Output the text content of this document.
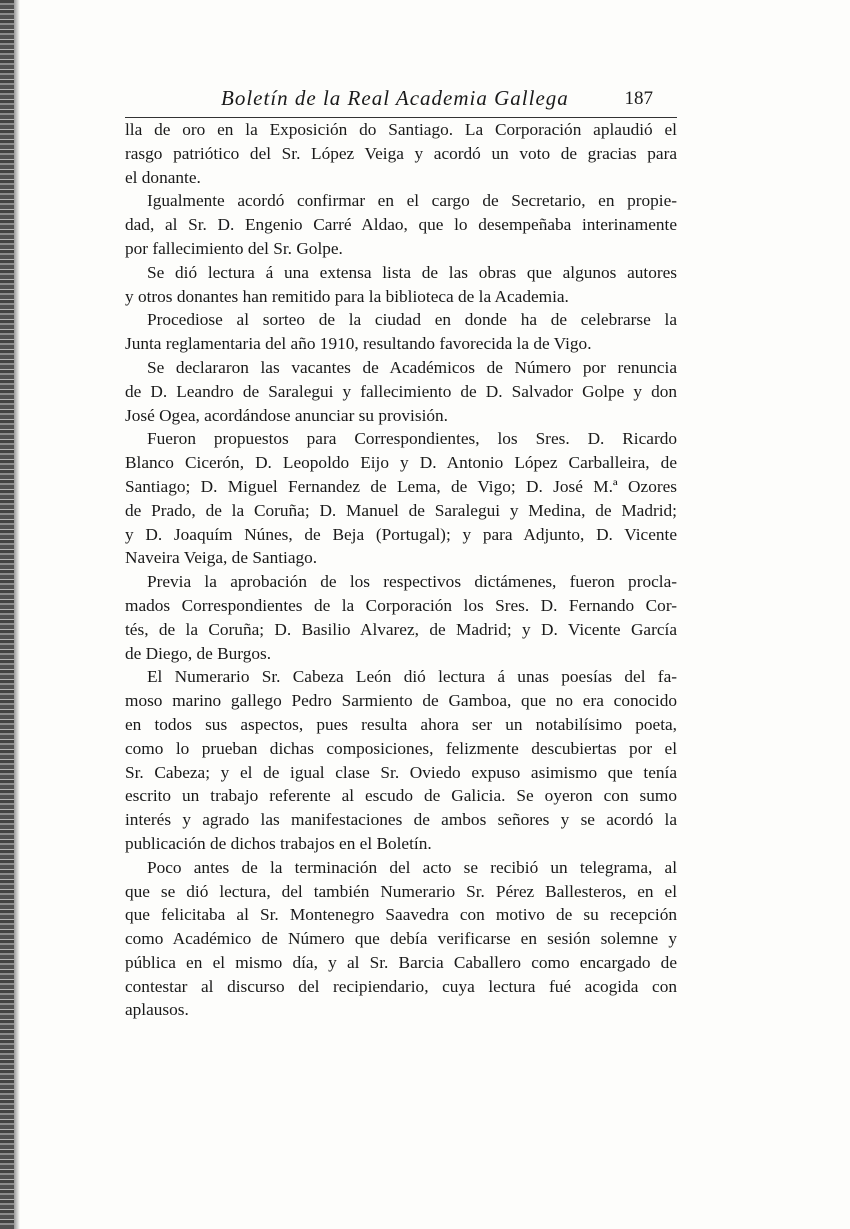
Boletín de la Real Academia Gallega	187
lla de oro en la Exposición do Santiago. La Corporación aplaudió el
rasgo patriótico del Sr. López Veiga y acordó un voto de gracias para
el donante.
Igualmente acordó confirmar en el cargo de Secretario, en propie-
dad, al Sr. D. Engenio Carré Aldao, que lo desempeñaba interinamente
por fallecimiento del Sr. Golpe.
Se dió lectura á una extensa lista de las obras que algunos autores
y otros donantes han remitido para la biblioteca de la Academia.
Procediose al sorteo de la ciudad en donde ha de celebrarse la
Junta reglamentaria del año 1910, resultando favorecida la de Vigo.
Se declararon las vacantes de Académicos de Número por renuncia
de D. Leandro de Saralegui y fallecimiento de D. Salvador Golpe y don
José Ogea, acordándose anunciar su provisión.
Fueron propuestos para Correspondientes, los Sres. D. Ricardo
Blanco Cicerón, D. Leopoldo Eijo y D. Antonio López Carballeira, de
Santiago; D. Miguel Fernandez de Lema, de Vigo; D. José M.ª Ozores
de Prado, de la Coruña; D. Manuel de Saralegui y Medina, de Madrid;
y D. Joaquím Núnes, de Beja (Portugal); y para Adjunto, D. Vicente
Naveira Veiga, de Santiago.
Previa la aprobación de los respectivos dictámenes, fueron procla-
mados Correspondientes de la Corporación los Sres. D. Fernando Cor-
tés, de la Coruña; D. Basilio Alvarez, de Madrid; y D. Vicente García
de Diego, de Burgos.
El Numerario Sr. Cabeza León dió lectura á unas poesías del fa-
moso marino gallego Pedro Sarmiento de Gamboa, que no era conocido
en todos sus aspectos, pues resulta ahora ser un notabilísimo poeta,
como lo prueban dichas composiciones, felizmente descubiertas por el
Sr. Cabeza; y el de igual clase Sr. Oviedo expuso asimismo que tenía
escrito un trabajo referente al escudo de Galicia. Se oyeron con sumo
interés y agrado las manifestaciones de ambos señores y se acordó la
publicación de dichos trabajos en el Boletín.
Poco antes de la terminación del acto se recibió un telegrama, al
que se dió lectura, del también Numerario Sr. Pérez Ballesteros, en el
que felicitaba al Sr. Montenegro Saavedra con motivo de su recepción
como Académico de Número que debía verificarse en sesión solemne y
pública en el mismo día, y al Sr. Barcia Caballero como encargado de
contestar al discurso del recipiendario, cuya lectura fué acogida con
aplausos.
